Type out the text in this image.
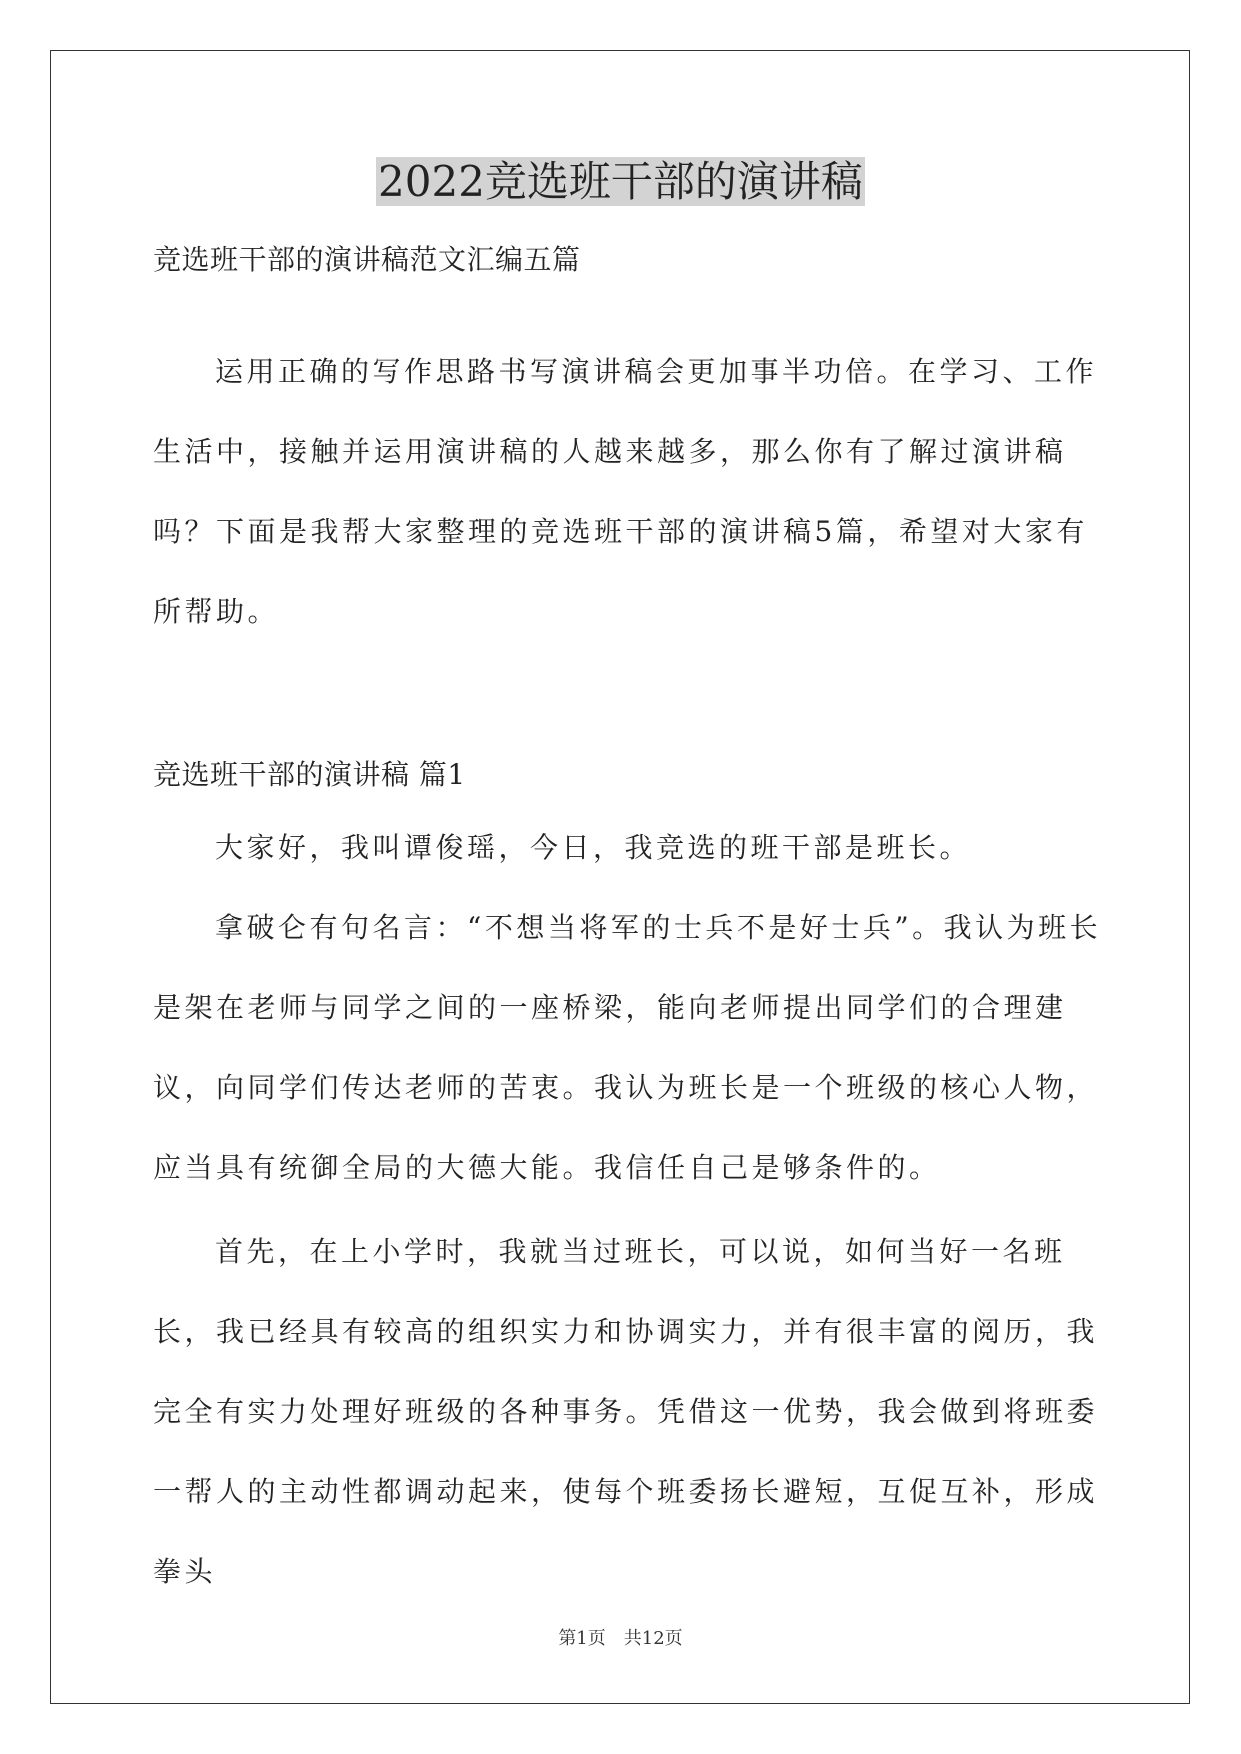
2022竞选班干部的演讲稿

竞选班干部的演讲稿范文汇编五篇

运用正确的写作思路书写演讲稿会更加事半功倍。在学习、工作生活中，接触并运用演讲稿的人越来越多，那么你有了解过演讲稿吗？下面是我帮大家整理的竞选班干部的演讲稿5篇，希望对大家有所帮助。

竞选班干部的演讲稿 篇1

大家好，我叫谭俊瑶，今日，我竞选的班干部是班长。

拿破仑有句名言：“不想当将军的士兵不是好士兵”。我认为班长是架在老师与同学之间的一座桥梁，能向老师提出同学们的合理建议，向同学们传达老师的苦衷。我认为班长是一个班级的核心人物，应当具有统御全局的大德大能。我信任自己是够条件的。

首先，在上小学时，我就当过班长，可以说，如何当好一名班长，我已经具有较高的组织实力和协调实力，并有很丰富的阅历，我完全有实力处理好班级的各种事务。凭借这一优势，我会做到将班委一帮人的主动性都调动起来，使每个班委扬长避短，互促互补，形成拳头

第1页 共12页
